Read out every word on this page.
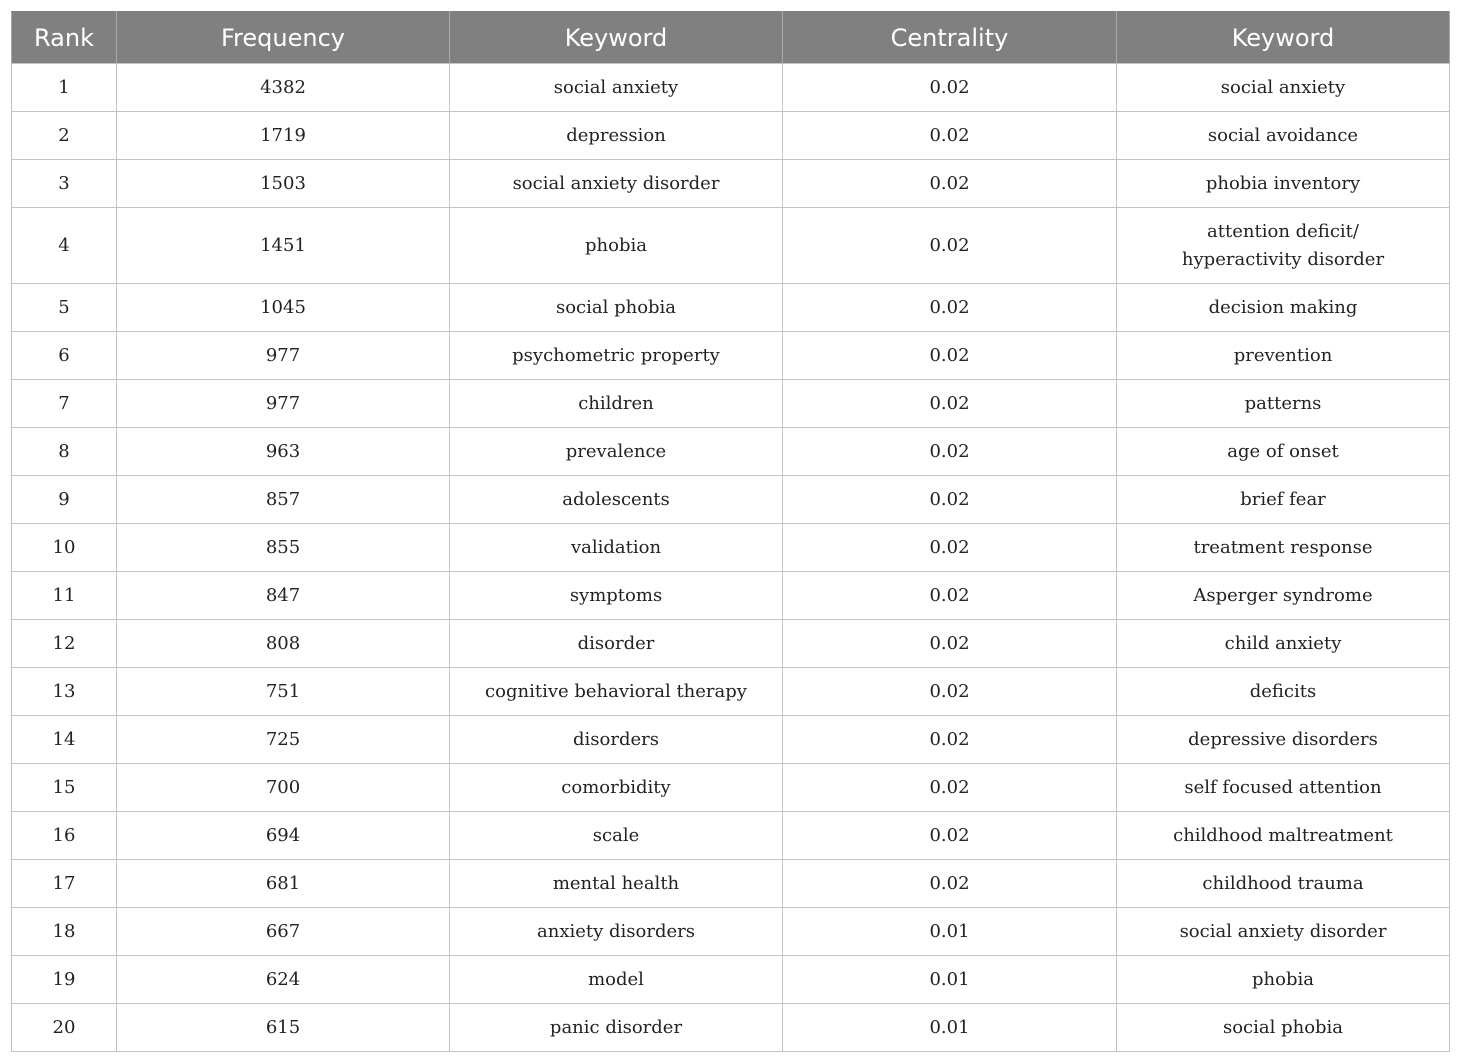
Rank	Frequency	Keyword	Centrality	Keyword
1	4382	social anxiety	0.02	social anxiety
2	1719	depression	0.02	social avoidance
3	1503	social anxiety disorder	0.02	phobia inventory
4	1451	phobia	0.02	attention deficit/
hyperactivity disorder

5	1045	social phobia	0.02	decision making
6	977	psychometric property	0.02	prevention
7	977	children	0.02	patterns
8	963	prevalence	0.02	age of onset
9	857	adolescents	0.02	brief fear
10	855	validation	0.02	treatment response
11	847	symptoms	0.02	Asperger syndrome
12	808	disorder	0.02	child anxiety
13	751	cognitive behavioral therapy	0.02	deficits
14	725	disorders	0.02	depressive disorders
15	700	comorbidity	0.02	self focused attention
16	694	scale	0.02	childhood maltreatment
17	681	mental health	0.02	childhood trauma
18	667	anxiety disorders	0.01	social anxiety disorder
19	624	model	0.01	phobia
20	615	panic disorder	0.01	social phobia
